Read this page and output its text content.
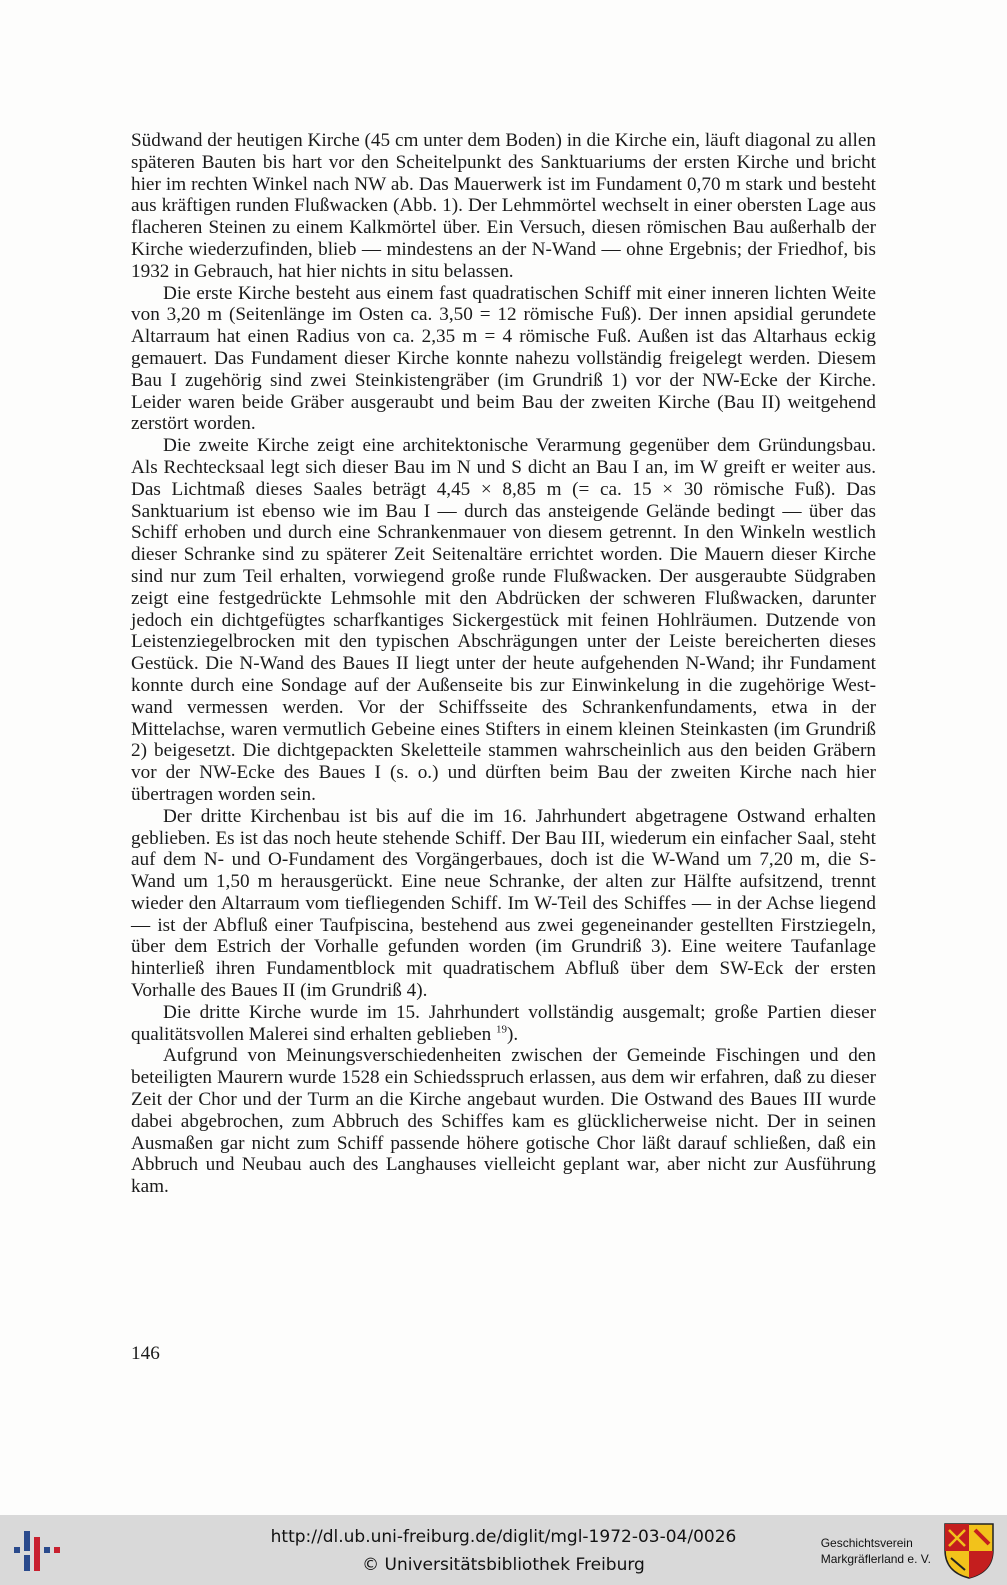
Südwand der heutigen Kirche (45 cm unter dem Boden) in die Kirche ein, läuft diagonal zu allen späteren Bauten bis hart vor den Scheitelpunkt des Sanktuariums der ersten Kirche und bricht hier im rechten Winkel nach NW ab. Das Mauerwerk ist im Fundament 0,70 m stark und besteht aus kräftigen runden Flußwacken (Abb. 1). Der Lehmmörtel wechselt in einer obersten Lage aus flacheren Steinen zu einem Kalkmörtel über. Ein Versuch, diesen römischen Bau außerhalb der Kirche wiederzufinden, blieb — mindestens an der N-Wand — ohne Ergebnis; der Friedhof, bis 1932 in Gebrauch, hat hier nichts in situ belassen.

Die erste Kirche besteht aus einem fast quadratischen Schiff mit einer inneren lichten Weite von 3,20 m (Seitenlänge im Osten ca. 3,50 = 12 römische Fuß). Der innen apsidial gerundete Altarraum hat einen Radius von ca. 2,35 m = 4 römische Fuß. Außen ist das Altarhaus eckig gemauert. Das Fundament dieser Kirche konnte nahezu vollständig freigelegt werden. Diesem Bau I zugehörig sind zwei Steinkistengräber (im Grundriß 1) vor der NW-Ecke der Kirche. Leider waren beide Gräber ausgeraubt und beim Bau der zweiten Kirche (Bau II) weitgehend zerstört worden.

Die zweite Kirche zeigt eine architektonische Verarmung gegenüber dem Gründungsbau. Als Rechtecksaal legt sich dieser Bau im N und S dicht an Bau I an, im W greift er weiter aus. Das Lichtmaß dieses Saales beträgt 4,45 × 8,85 m (= ca. 15 × 30 römische Fuß). Das Sanktuarium ist ebenso wie im Bau I — durch das ansteigende Gelände bedingt — über das Schiff erhoben und durch eine Schrankenmauer von diesem getrennt. In den Winkeln westlich dieser Schranke sind zu späterer Zeit Seitenaltäre errichtet worden. Die Mauern dieser Kirche sind nur zum Teil erhalten, vorwiegend große runde Flußwacken. Der ausgeraubte Südgraben zeigt eine festgedrückte Lehmsohle mit den Abdrücken der schweren Flußwacken, darunter jedoch ein dichtgefügtes scharfkantiges Sickergestück mit feinen Hohlräumen. Dutzende von Leistenziegelbrocken mit den typischen Abschrägungen unter der Leiste bereicherten dieses Gestück. Die N-Wand des Baues II liegt unter der heute aufgehenden N-Wand; ihr Fundament konnte durch eine Sondage auf der Außenseite bis zur Einwinkelung in die zugehörige Westwand vermessen werden. Vor der Schiffsseite des Schrankenfundaments, etwa in der Mittelachse, waren vermutlich Gebeine eines Stifters in einem kleinen Steinkasten (im Grundriß 2) beigesetzt. Die dichtgepackten Skeletteile stammen wahrscheinlich aus den beiden Gräbern vor der NW-Ecke des Baues I (s. o.) und dürften beim Bau der zweiten Kirche nach hier übertragen worden sein.

Der dritte Kirchenbau ist bis auf die im 16. Jahrhundert abgetragene Ostwand erhalten geblieben. Es ist das noch heute stehende Schiff. Der Bau III, wiederum ein einfacher Saal, steht auf dem N- und O-Fundament des Vorgängerbaues, doch ist die W-Wand um 7,20 m, die S-Wand um 1,50 m herausgerückt. Eine neue Schranke, der alten zur Hälfte aufsitzend, trennt wieder den Altarraum vom tiefliegenden Schiff. Im W-Teil des Schiffes — in der Achse liegend — ist der Abfluß einer Taufpiscina, bestehend aus zwei gegeneinander gestellten Firstziegeln, über dem Estrich der Vorhalle gefunden worden (im Grundriß 3). Eine weitere Taufanlage hinterließ ihren Fundamentblock mit quadratischem Abfluß über dem SW-Eck der ersten Vorhalle des Baues II (im Grundriß 4).

Die dritte Kirche wurde im 15. Jahrhundert vollständig ausgemalt; große Partien dieser qualitätsvollen Malerei sind erhalten geblieben $^{19}$).

Aufgrund von Meinungsverschiedenheiten zwischen der Gemeinde Fischingen und den beteiligten Maurern wurde 1528 ein Schiedsspruch erlassen, aus dem wir erfahren, daß zu dieser Zeit der Chor und der Turm an die Kirche angebaut wurden. Die Ostwand des Baues III wurde dabei abgebrochen, zum Abbruch des Schiffes kam es glücklicherweise nicht. Der in seinen Ausmaßen gar nicht zum Schiff passende höhere gotische Chor läßt darauf schließen, daß ein Abbruch und Neubau auch des Langhauses vielleicht geplant war, aber nicht zur Ausführung kam.

146
http://dl.ub.uni-freiburg.de/diglit/mgl-1972-03-04/0026
© Universitätsbibliothek Freiburg
Geschichtsverein
Markgräflerland e. V.
